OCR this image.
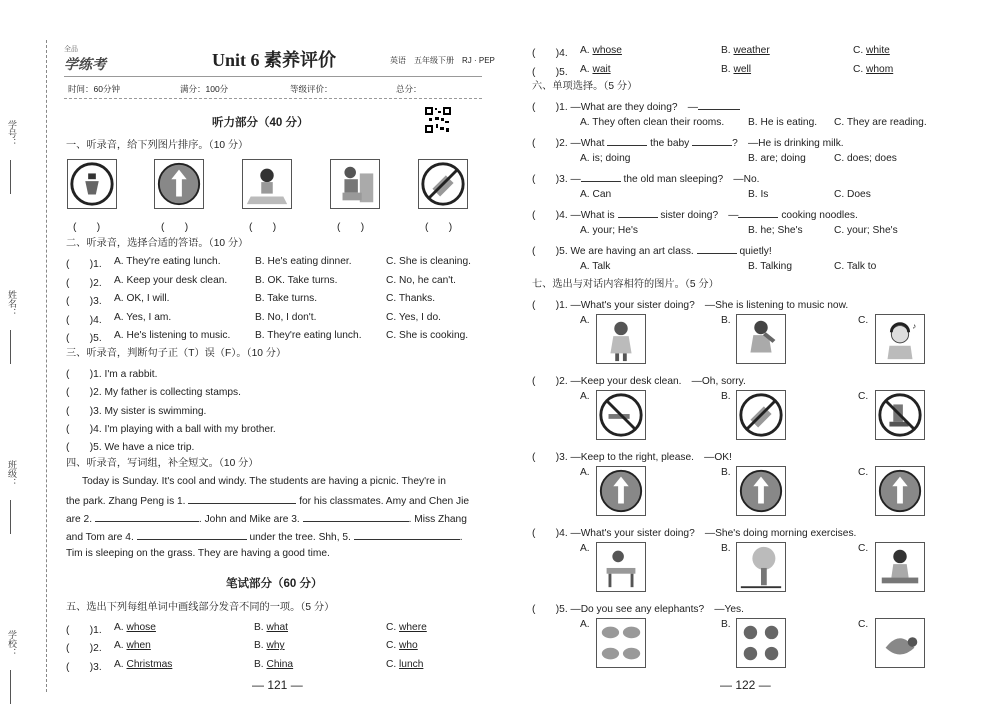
学号：
姓名：
班级：
学校：
全品
学练考	Unit 6 素养评价	英语　 五年级下册　 RJ · PEP
时间：60分钟	满分：100分	等级评价：	总分：
听力部分（40 分）
一、听录音，给下列图片排序。（10 分）
(　　)	(　　)	(　　)	(　　)	(　　)
二、听录音，选择合适的答语。（10 分）
(　　)1. A. They're eating lunch.	B. He's eating dinner.	C. She is cleaning.
(　　)2. A. Keep your desk clean.	B. OK. Take turns.	C. No, he can't.
(　　)3. A. OK, I will.	B. Take turns.	C. Thanks.
(　　)4. A. Yes, I am.	B. No, I don't.	C. Yes, I do.
(　　)5. A. He's listening to music. B. They're eating lunch. C. She is cooking.
三、听录音，判断句子正（T）误（F）。（10 分）
(　　)1. I'm a rabbit.
(　　)2. My father is collecting stamps.
(　　)3. My sister is swimming.
(　　)4. I'm playing with a ball with my brother.
(　　)5. We have a nice trip.
四、听录音，写词组，补全短文。（10 分）
Today is Sunday. It's cool and windy. The students are having a picnic. They're in
the park. Zhang Peng is 1.	for his classmates. Amy and Chen Jie
are 2.	. John and Mike are 3.	. Miss Zhang
and Tom are 4.	under the tree. Shh, 5.	.
Tim is sleeping on the grass. They are having a good time.
笔试部分（60 分）
五、选出下列每组单词中画线部分发音不同的一项。（5 分）
(　　)1. A. whose	B. what	C. where
(　　)2. A. when	B. why	C. who
(　　)3. A. Christmas	B. China	C. lunch
— 121 —
(　　)4. A. whose	B. weather	C. white
(　　)5. A. wait	B. well	C. whom
六、单项选择。（5 分）
(　　)1. —What are they doing?　—
A. They often clean their rooms. B. He is eating. C. They are reading.
(　　)2. —What	the baby	?　—He is drinking milk.
A. is; doing	B. are; doing	C. does; does
(　　)3. —	the old man sleeping?　—No.
A. Can	B. Is	C. Does
(　　)4. —What is	sister doing?　—	cooking noodles.
A. your; He's	B. he; She's	C. your; She's
(　　)5. We are having an art class.	quietly!
A. Talk	B. Talking	C. Talk to
七、选出与对话内容相符的图片。（5 分）
(　　)1. —What's your sister doing?　—She is listening to music now.
A.	B.	C.	♪
(　　)2. —Keep your desk clean.　—Oh, sorry.
A.	B.	C.
(　　)3. —Keep to the right, please.　—OK!
A.	B.	C.
(　　)4. —What's your sister doing?　—She's doing morning exercises.
A.	B.	C.
(　　)5. —Do you see any elephants?　—Yes.
A.	B.	C.
— 122 —
